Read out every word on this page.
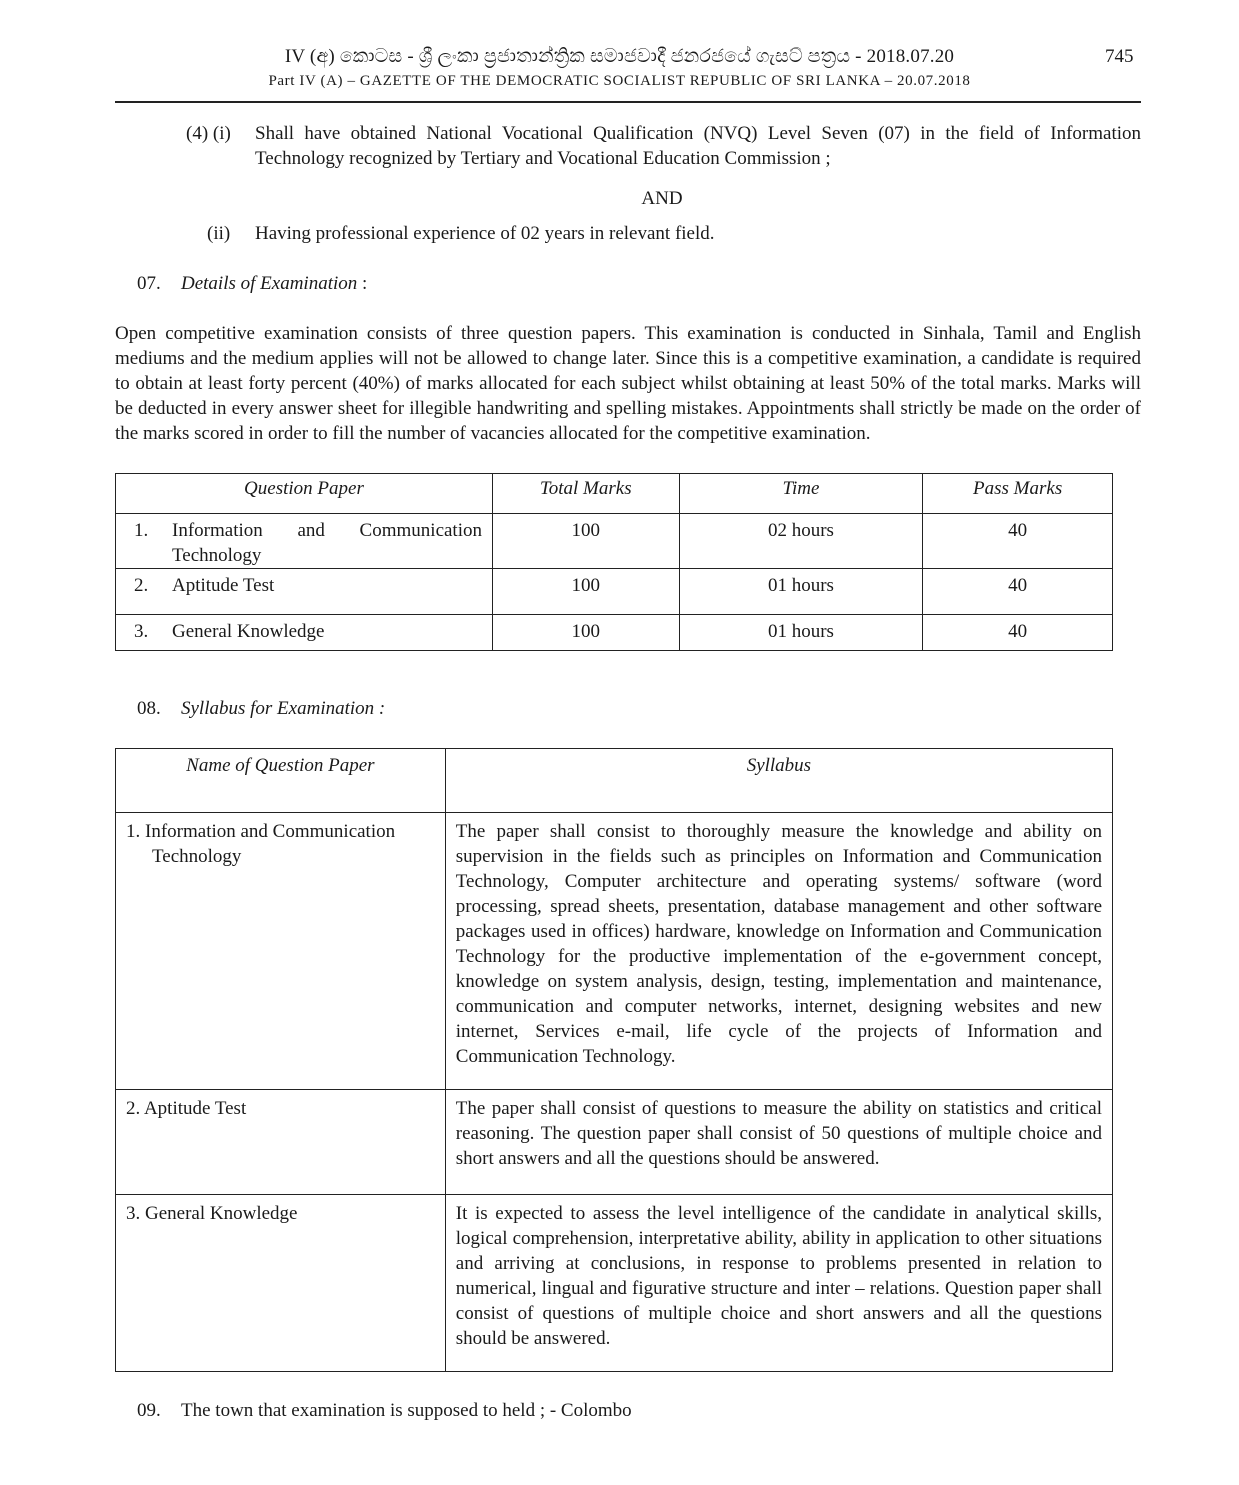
IV (අ) කොටස - ශ්‍රී ලංකා ප්‍රජාතාන්ත්‍රික සමාජවාදී ජනරජයේ ගැසට් පත්‍රය - 2018.07.20	745
Part IV (A) – GAZETTE OF THE DEMOCRATIC SOCIALIST REPUBLIC OF SRI LANKA – 20.07.2018
(4) (i) Shall have obtained National Vocational Qualification (NVQ) Level Seven (07) in the field of Information Technology recognized by Tertiary and Vocational Education Commission ;
AND
(ii) Having professional experience of 02 years in relevant field.
07. Details of Examination :
Open competitive examination consists of three question papers. This examination is conducted in Sinhala, Tamil and English mediums and the medium applies will not be allowed to change later. Since this is a competitive examination, a candidate is required to obtain at least forty percent (40%) of marks allocated for each subject whilst obtaining at least 50% of the total marks. Marks will be deducted in every answer sheet for illegible handwriting and spelling mistakes. Appointments shall strictly be made on the order of the marks scored in order to fill the number of vacancies allocated for the competitive examination.
Question Paper	Total Marks	Time	Pass Marks
1. Information and Communication Technology	100	02 hours	40
2. Aptitude Test	100	01 hours	40
3. General Knowledge	100	01 hours	40
08. Syllabus for Examination :
Name of Question Paper	Syllabus

1. Information and Communication Technology	The paper shall consist to thoroughly measure the knowledge and ability on supervision in the fields such as principles on Information and Communication Technology, Computer architecture and operating systems/ software (word processing, spread sheets, presentation, database management and other software packages used in offices) hardware, knowledge on Information and Communication Technology for the productive implementation of the e-government concept, knowledge on system analysis, design, testing, implementation and maintenance, communication and computer networks, internet, designing websites and new internet, Services e-mail, life cycle of the projects of Information and Communication Technology.

2. Aptitude Test	The paper shall consist of questions to measure the ability on statistics and critical reasoning. The question paper shall consist of 50 questions of multiple choice and short answers and all the questions should be answered.

3. General Knowledge	It is expected to assess the level intelligence of the candidate in analytical skills, logical comprehension, interpretative ability, ability in application to other situations and arriving at conclusions, in response to problems presented in relation to numerical, lingual and figurative structure and inter – relations. Question paper shall consist of questions of multiple choice and short answers and all the questions should be answered.
09. The town that examination is supposed to held ; - Colombo
